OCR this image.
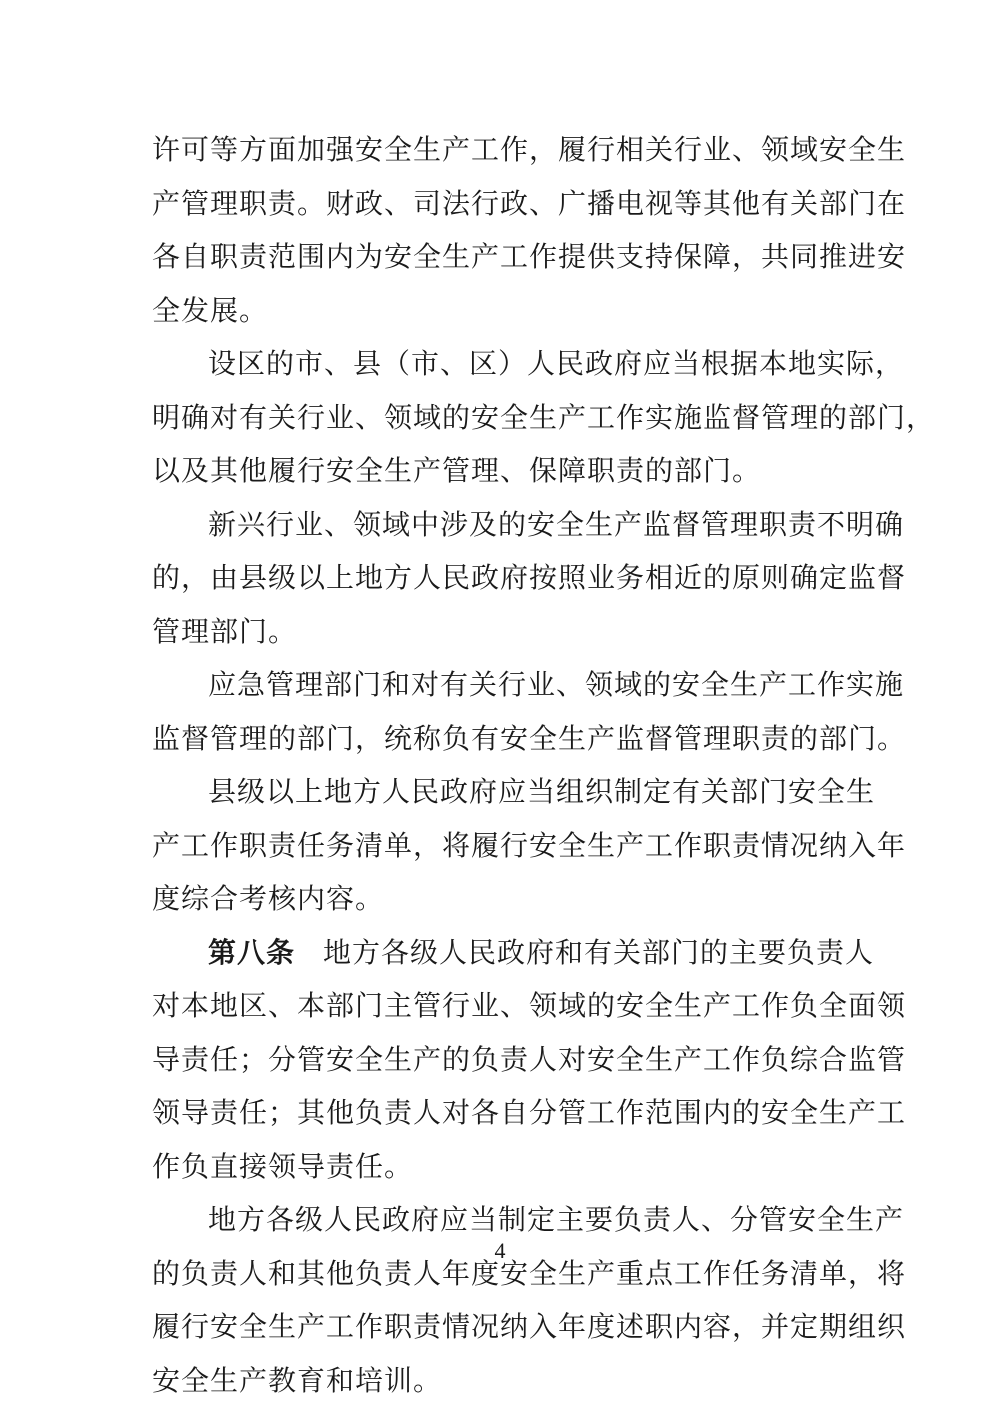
许可等方面加强安全生产工作，履行相关行业、领域安全生
产管理职责。财政、司法行政、广播电视等其他有关部门在
各自职责范围内为安全生产工作提供支持保障，共同推进安
全发展。
设区的市、县（市、区）人民政府应当根据本地实际，
明确对有关行业、领域的安全生产工作实施监督管理的部门，
以及其他履行安全生产管理、保障职责的部门。
新兴行业、领域中涉及的安全生产监督管理职责不明确
的，由县级以上地方人民政府按照业务相近的原则确定监督
管理部门。
应急管理部门和对有关行业、领域的安全生产工作实施
监督管理的部门，统称负有安全生产监督管理职责的部门。
县级以上地方人民政府应当组织制定有关部门安全生
产工作职责任务清单，将履行安全生产工作职责情况纳入年
度综合考核内容。
第八条 地方各级人民政府和有关部门的主要负责人
对本地区、本部门主管行业、领域的安全生产工作负全面领
导责任；分管安全生产的负责人对安全生产工作负综合监管
领导责任；其他负责人对各自分管工作范围内的安全生产工
作负直接领导责任。
地方各级人民政府应当制定主要负责人、分管安全生产
的负责人和其他负责人年度安全生产重点工作任务清单，将
履行安全生产工作职责情况纳入年度述职内容，并定期组织
安全生产教育和培训。
4
